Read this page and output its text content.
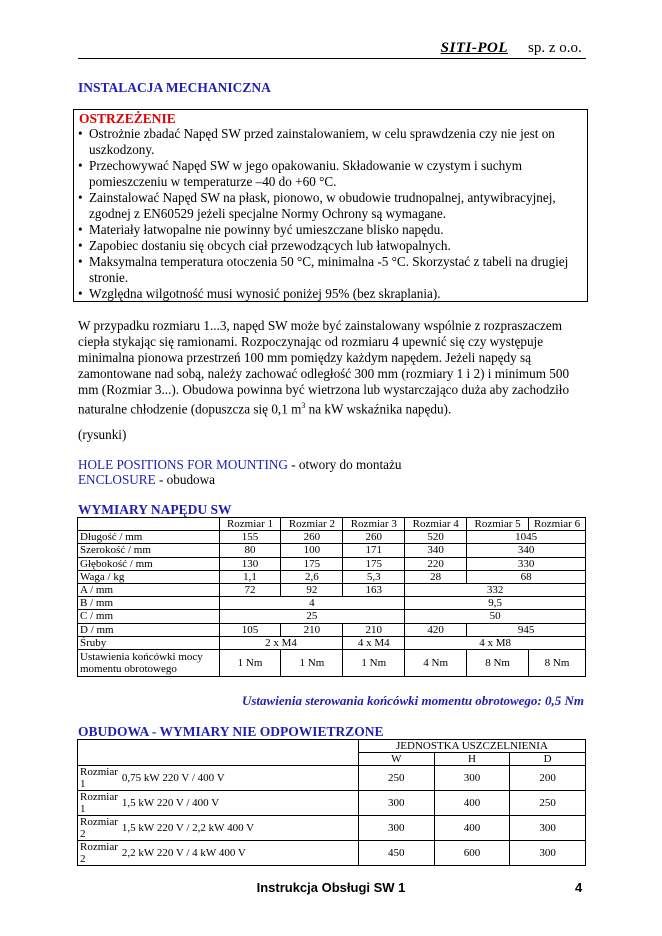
SITI-POL sp. z o.o.
INSTALACJA MECHANICZNA
OSTRZEŻENIE
• Ostrożnie zbadać Napęd SW przed zainstalowaniem, w celu sprawdzenia czy nie jest on uszkodzony.
• Przechowywać Napęd SW w jego opakowaniu. Składowanie w czystym i suchym pomieszczeniu w temperaturze –40 do +60 °C.
• Zainstalować Napęd SW na płask, pionowo, w obudowie trudnopalnej, antywibracyjnej, zgodnej z EN60529 jeżeli specjalne Normy Ochrony są wymagane.
• Materiały łatwopalne nie powinny być umieszczane blisko napędu.
• Zapobiec dostaniu się obcych ciał przewodzących lub łatwopalnych.
• Maksymalna temperatura otoczenia 50 °C, minimalna -5 °C. Skorzystać z tabeli na drugiej stronie.
• Względna wilgotność musi wynosić poniżej 95% (bez skraplania).
W przypadku rozmiaru 1...3, napęd SW może być zainstalowany wspólnie z rozpraszaczem ciepła stykając się ramionami. Rozpoczynając od rozmiaru 4 upewnić się czy występuje minimalna pionowa przestrzeń 100 mm pomiędzy każdym napędem. Jeżeli napędy są zamontowane nad sobą, należy zachować odległość 300 mm (rozmiary 1 i 2) i minimum 500 mm (Rozmiar 3...). Obudowa powinna być wietrzona lub wystarczająco duża aby zachodziło naturalne chłodzenie (dopuszcza się 0,1 $m^3$ na kW wskaźnika napędu).
(rysunki)
HOLE POSITIONS FOR MOUNTING - otwory do montażu
ENCLOSURE - obudowa
WYMIARY NAPĘDU SW
	Rozmiar 1	Rozmiar 2	Rozmiar 3	Rozmiar 4	Rozmiar 5	Rozmiar 6
Długość / mm	155	260	260	520	1045	
Szerokość / mm	80	100	171	340	340	
Głębokość / mm	130	175	175	220	330	
Waga / kg	1,1	2,6	5,3	28	68	
A / mm	72	92	163	332		
B / mm	4			9,5		
C / mm	25			50		
D / mm	105	210	210	420	945	
Śruby	2 x M4		4 x M4	4 x M8		
Ustawienia końcówki mocy momentu obrotowego	1 Nm	1 Nm	1 Nm	4 Nm	8 Nm	8 Nm
Ustawienia sterowania końcówki momentu obrotowego: 0,5 Nm
OBUDOWA - WYMIARY NIE ODPOWIETRZONE
		JEDNOSTKA USZCZELNIENIA		
		W	H	D
Rozmiar 1	0,75 kW 220 V / 400 V	250	300	200
Rozmiar 1	1,5 kW 220 V / 400 V	300	400	250
Rozmiar 2	1,5 kW 220 V / 2,2 kW 400 V	300	400	300
Rozmiar 2	2,2 kW 220 V / 4 kW 400 V	450	600	300
Instrukcja Obsługi SW 1	4
